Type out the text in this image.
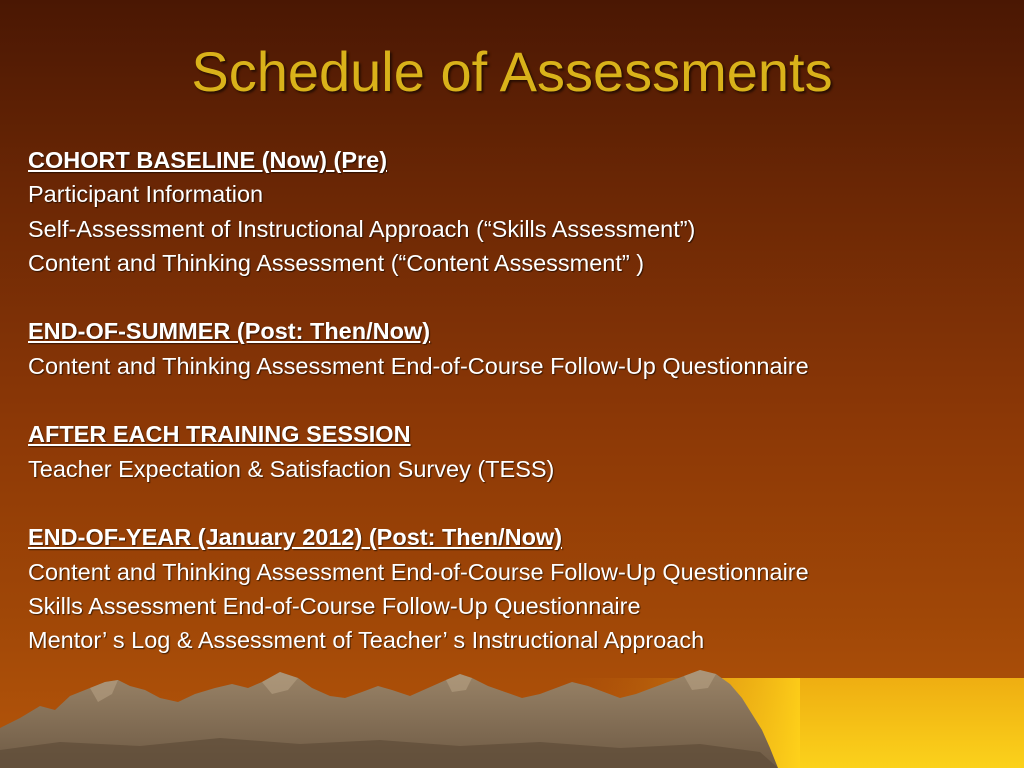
Schedule of Assessments
COHORT BASELINE (Now) (Pre)
Participant Information
Self-Assessment of Instructional Approach (“Skills Assessment”)
Content and Thinking Assessment (“Content Assessment” )
END-OF-SUMMER (Post: Then/Now)
Content and Thinking Assessment End-of-Course Follow-Up Questionnaire
AFTER EACH TRAINING SESSION
Teacher Expectation & Satisfaction Survey (TESS)
END-OF-YEAR (January 2012) (Post: Then/Now)
Content and Thinking Assessment End-of-Course Follow-Up Questionnaire
Skills Assessment End-of-Course Follow-Up Questionnaire
Mentor’ s Log & Assessment of Teacher’ s Instructional Approach
